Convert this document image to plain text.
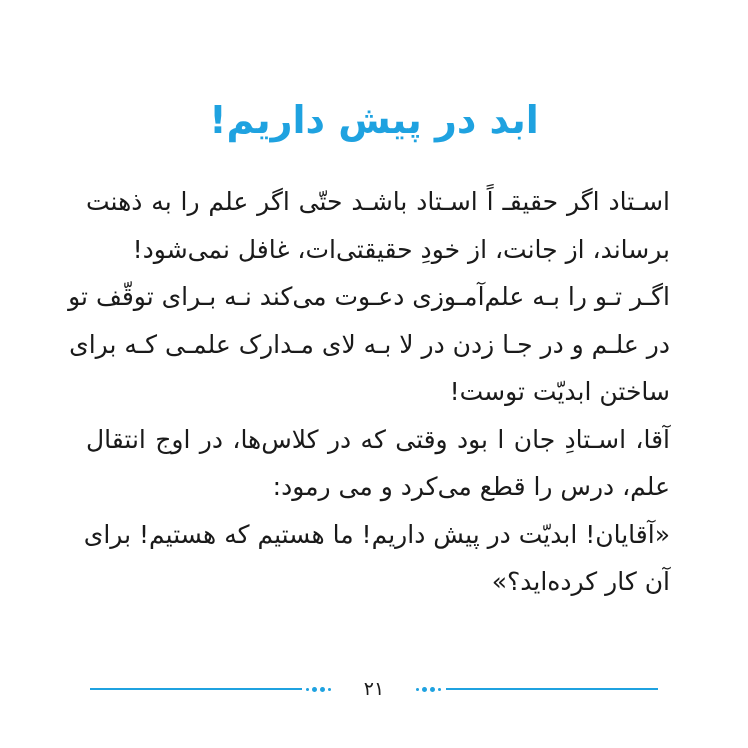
ابد در پیش داریم!
اسـتاد اگر حقیقـ اً اسـتاد باشـد حتّی اگر علم را به ذهنت
برساند، از جانت، از خودِ حقیقتی‌ات، غافل نمی‌شود!
اگـر تـو را بـه علم‌آمـوزی دعـوت می‌کند نـه بـرای توقّف تو
در علـم و در جـا زدن در لا بـه لای مـدارک علمـی کـه برای
ساختن ابدیّت توست!
آقا، اسـتادِ جان ا بود وقتی که در کلاس‌ها، در اوج انتقال
علم، درس را قطع می‌کرد و می رمود:
«آقایان! ابدیّت در پیش داریم! ما هستیم که هستیم! برای
آن کار کرده‌اید؟»
۲۱
